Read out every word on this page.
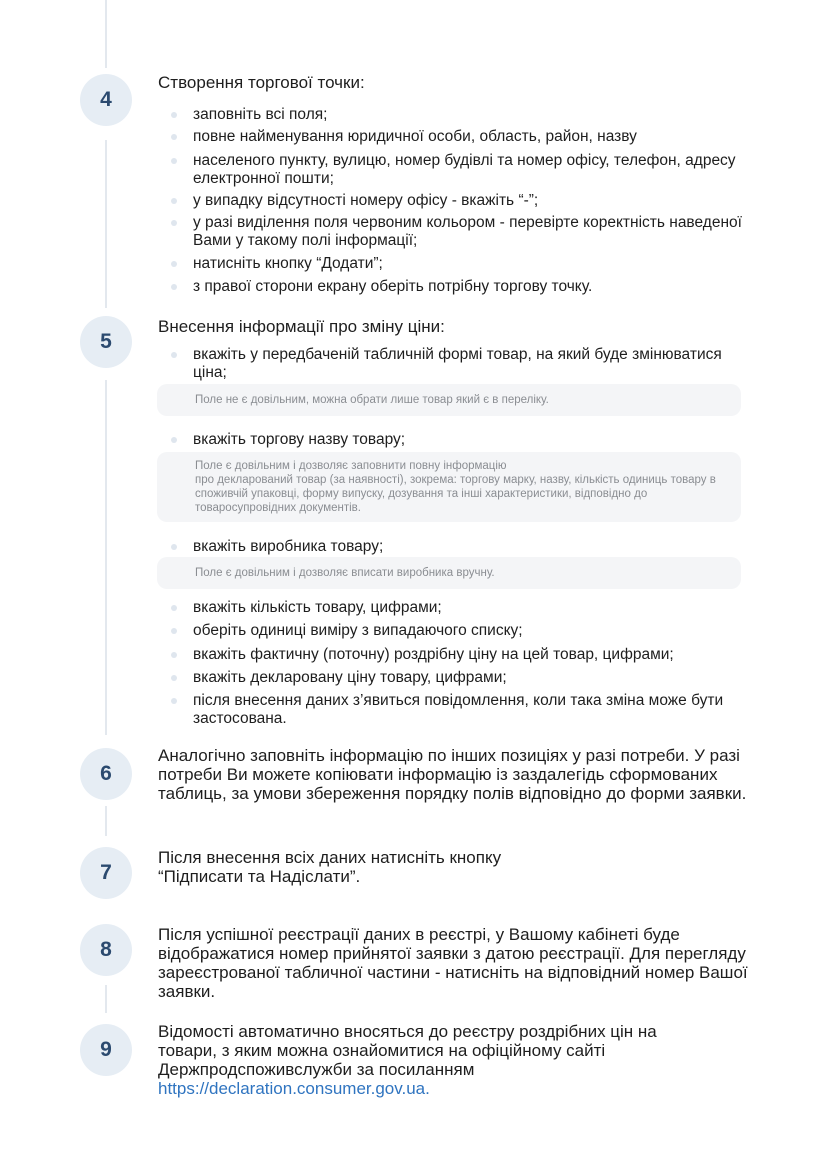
4
Створення торгової точки:
заповніть всі поля;
повне найменування юридичної особи, область, район, назву
населеного пункту, вулицю, номер будівлі та номер офісу, телефон, адресу електронної пошти;
у випадку відсутності номеру офісу - вкажіть “-”;
у разі виділення поля червоним кольором - перевірте коректність наведеної Вами у такому полі інформації;
натисніть кнопку “Додати”;
з правої сторони екрану оберіть потрібну торгову точку.
5
Внесення інформації про зміну ціни:
вкажіть у передбаченій табличній формі товар, на який буде змінюватися ціна;
Поле не є довільним, можна обрати лише товар який є в переліку.
вкажіть торгову назву товару;
Поле є довільним і дозволяє заповнити повну інформацію
про декларований товар (за наявності), зокрема: торгову марку, назву, кількість одиниць товару в споживчій упаковці, форму випуску, дозування та інші характеристики, відповідно до товаросупровідних документів.
вкажіть виробника товару;
Поле є довільним і дозволяє вписати виробника вручну.
вкажіть кількість товару, цифрами;
оберіть одиниці виміру з випадаючого списку;
вкажіть фактичну (поточну) роздрібну ціну на цей товар, цифрами;
вкажіть декларовану ціну товару, цифрами;
після внесення даних з’явиться повідомлення, коли така зміна може бути застосована.
6
Аналогічно заповніть інформацію по інших позиціях у разі потреби. У разі потреби Ви можете копіювати інформацію із заздалегідь сформованих таблиць, за умови збереження порядку полів відповідно до форми заявки.
7
Після внесення всіх даних натисніть кнопку “Підписати та Надіслати”.
8
Після успішної реєстрації даних в реєстрі, у Вашому кабінеті буде відображатися номер прийнятої заявки з датою реєстрації. Для перегляду зареєстрованої табличної частини - натисніть на відповідний номер Вашої заявки.
9
Відомості автоматично вносяться до реєстру роздрібних цін на товари, з яким можна ознайомитися на офіційному сайті Держпродспоживслужби за посиланням
https://declaration.consumer.gov.ua.
